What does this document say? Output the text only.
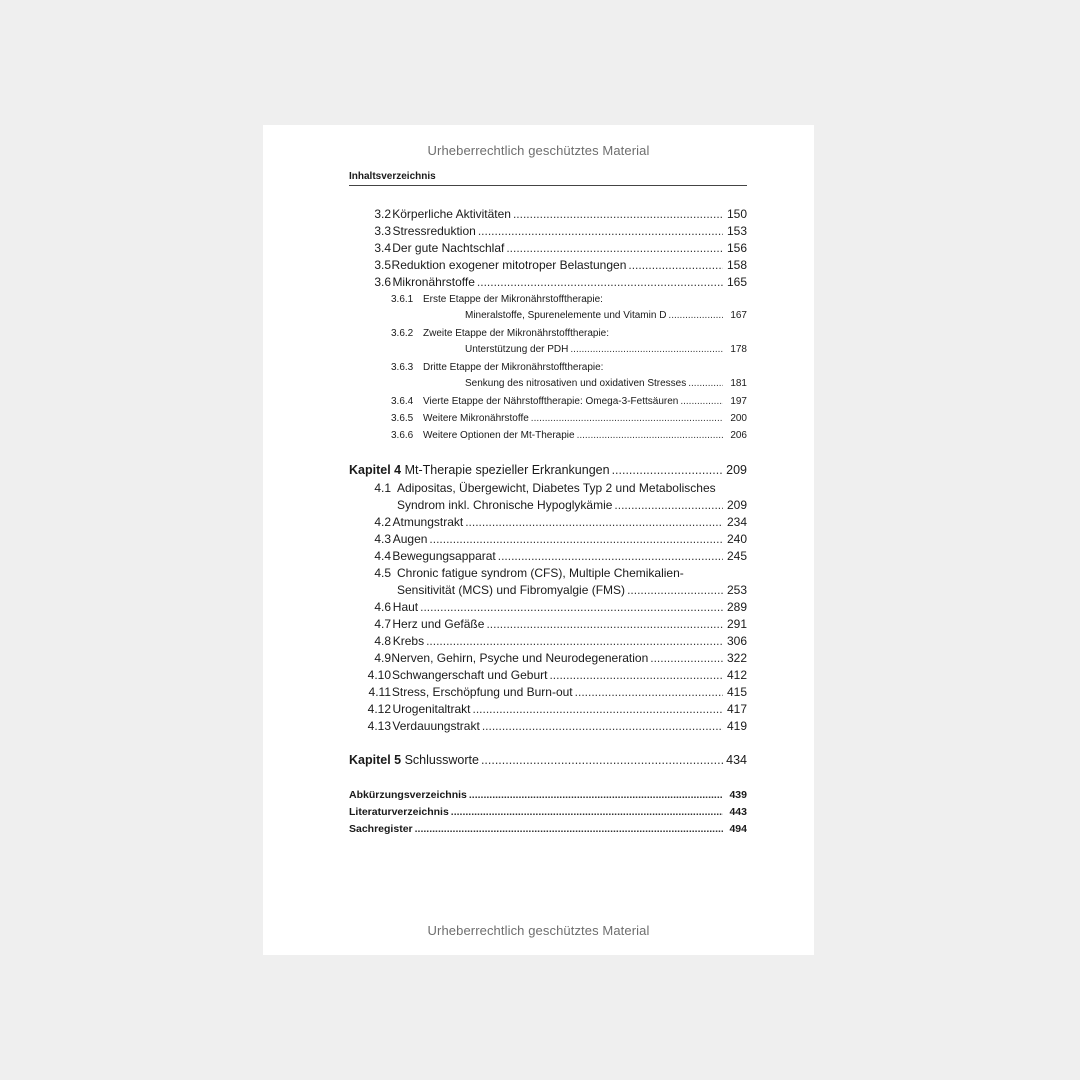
Urheberrechtlich geschütztes Material
Inhaltsverzeichnis
3.2 Körperliche Aktivitäten .....	150
3.3 Stressreduktion .....	153
3.4 Der gute Nachtschlaf .....	156
3.5 Reduktion exogener mitotroper Belastungen .....	158
3.6 Mikronährstoffe .....	165
3.6.1 Erste Etappe der Mikronährstofftherapie:
Mineralstoffe, Spurenelemente und Vitamin D .....	167
3.6.2 Zweite Etappe der Mikronährstofftherapie:
Unterstützung der PDH .....	178
3.6.3 Dritte Etappe der Mikronährstofftherapie:
Senkung des nitrosativen und oxidativen Stresses .....	181
3.6.4 Vierte Etappe der Nährstofftherapie: Omega-3-Fettsäuren .....	197
3.6.5 Weitere Mikronährstoffe .....	200
3.6.6 Weitere Optionen der Mt-Therapie .....	206
Kapitel 4 Mt-Therapie spezieller Erkrankungen .....	209
4.1 Adipositas, Übergewicht, Diabetes Typ 2 und Metabolisches
Syndrom inkl. Chronische Hypoglykämie .....	209
4.2 Atmungstrakt .....	234
4.3 Augen .....	240
4.4 Bewegungsapparat .....	245
4.5 Chronic fatigue syndrom (CFS), Multiple Chemikalien-
Sensitivität (MCS) und Fibromyalgie (FMS) .....	253
4.6 Haut .....	289
4.7 Herz und Gefäße .....	291
4.8 Krebs .....	306
4.9 Nerven, Gehirn, Psyche und Neurodegeneration .....	322
4.10 Schwangerschaft und Geburt .....	412
4.11 Stress, Erschöpfung und Burn-out .....	415
4.12 Urogenitaltrakt .....	417
4.13 Verdauungstrakt .....	419
Kapitel 5 Schlussworte .....	434
Abkürzungsverzeichnis .....	439
Literaturverzeichnis .....	443
Sachregister .....	494
Urheberrechtlich geschütztes Material
